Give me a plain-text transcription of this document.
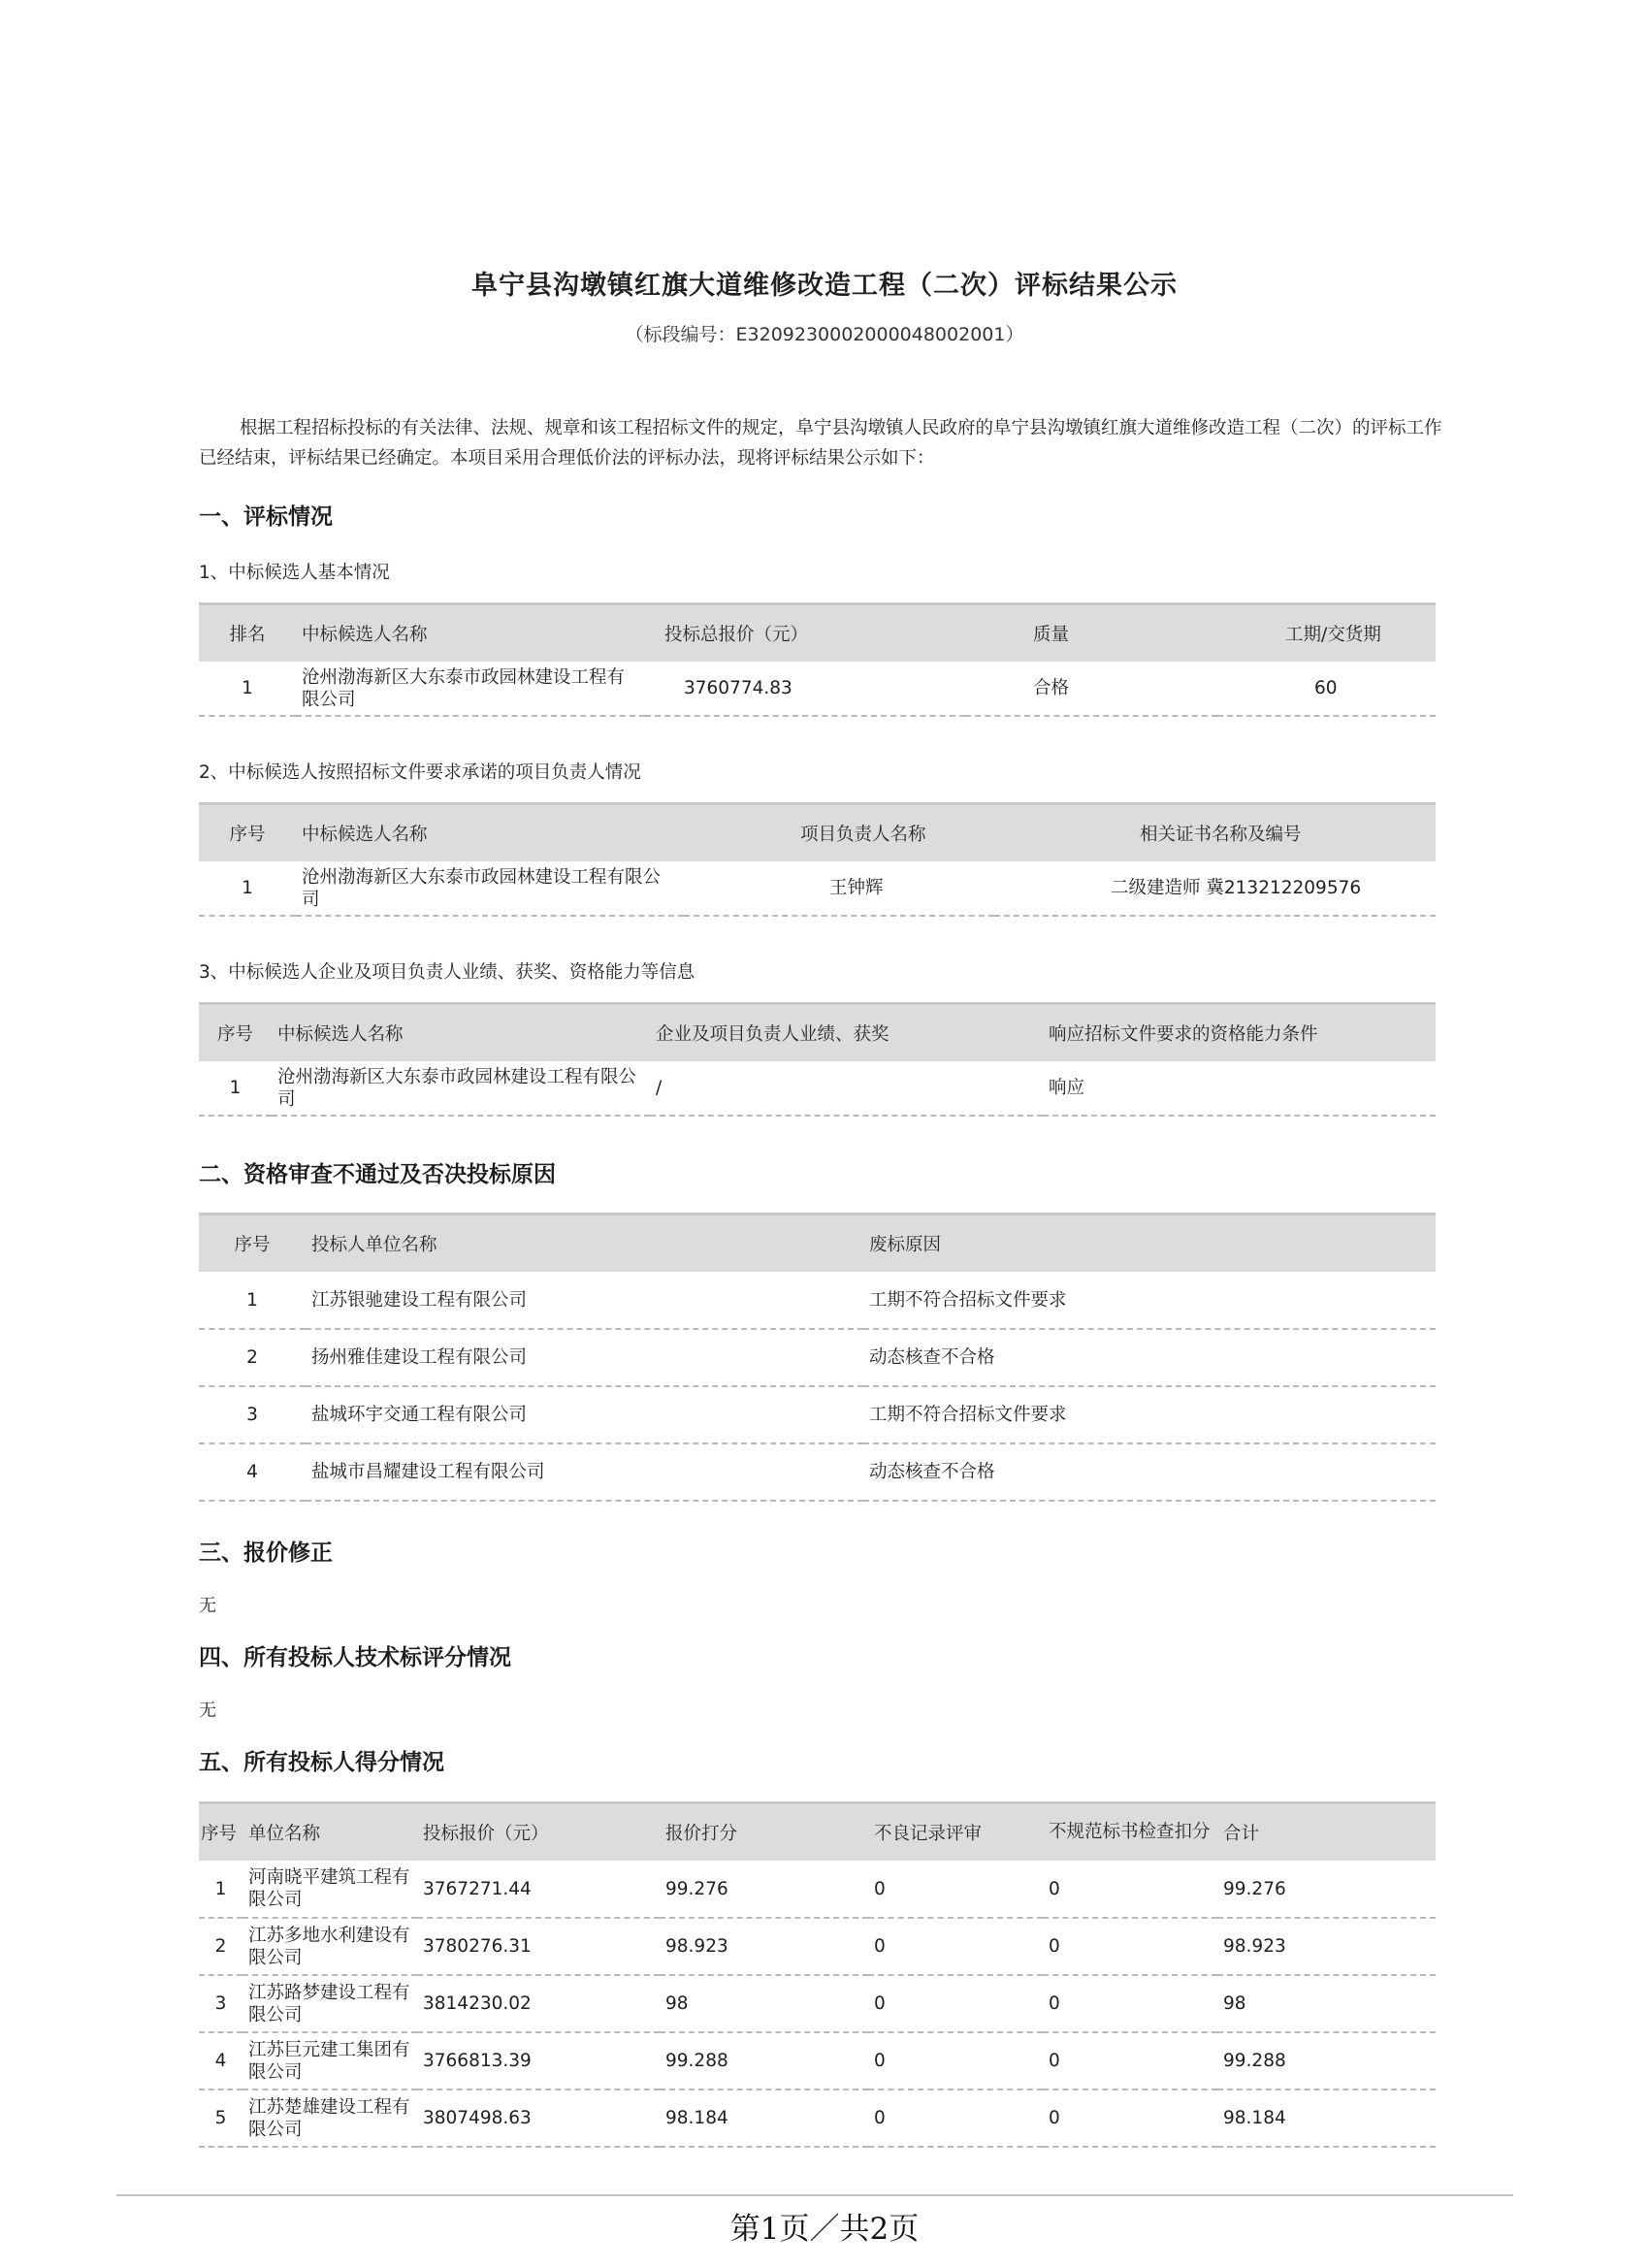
阜宁县沟墩镇红旗大道维修改造工程（二次）评标结果公示
（标段编号：E3209230002000048002001）

根据工程招标投标的有关法律、法规、规章和该工程招标文件的规定，阜宁县沟墩镇人民政府的阜宁县沟墩镇红旗大道维修改造工程（二次）的评标工作已经结束，评标结果已经确定。本项目采用合理低价法的评标办法，现将评标结果公示如下：

一、评标情况
1、中标候选人基本情况
排名	中标候选人名称	投标总报价（元）	质量	工期/交货期
1	沧州渤海新区大东泰市政园林建设工程有限公司	3760774.83	合格	60
2、中标候选人按照招标文件要求承诺的项目负责人情况
序号	中标候选人名称	项目负责人名称	相关证书名称及编号
1	沧州渤海新区大东泰市政园林建设工程有限公司	王钟辉	二级建造师 冀213212209576
3、中标候选人企业及项目负责人业绩、获奖、资格能力等信息
序号	中标候选人名称	企业及项目负责人业绩、获奖	响应招标文件要求的资格能力条件
1	沧州渤海新区大东泰市政园林建设工程有限公司	/	响应
二、资格审查不通过及否决投标原因
序号	投标人单位名称	废标原因
1	江苏银驰建设工程有限公司	工期不符合招标文件要求
2	扬州雅佳建设工程有限公司	动态核查不合格
3	盐城环宇交通工程有限公司	工期不符合招标文件要求
4	盐城市昌耀建设工程有限公司	动态核查不合格
三、报价修正
无
四、所有投标人技术标评分情况
无
五、所有投标人得分情况
序号	单位名称	投标报价（元）	报价打分	不良记录评审	不规范标书检查扣分	合计
1	河南晓平建筑工程有限公司	3767271.44	99.276	0	0	99.276
2	江苏多地水利建设有限公司	3780276.31	98.923	0	0	98.923
3	江苏路梦建设工程有限公司	3814230.02	98	0	0	98
4	江苏巨元建工集团有限公司	3766813.39	99.288	0	0	99.288
5	江苏楚雄建设工程有限公司	3807498.63	98.184	0	0	98.184
第1页／共2页
